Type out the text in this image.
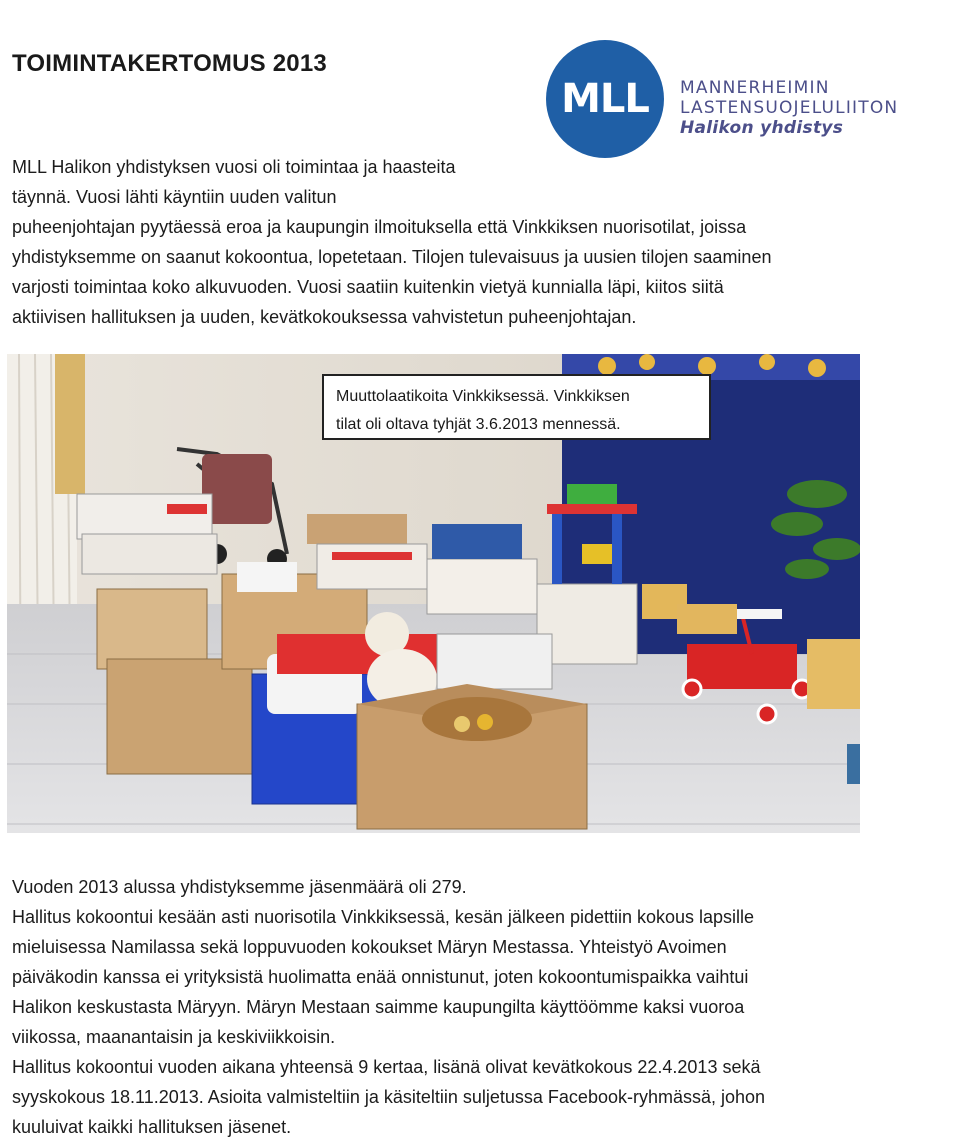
TOIMINTAKERTOMUS 2013
MLL MANNERHEIMIN
LASTENSUOJELULIITON
Halikon yhdistys
MLL Halikon yhdistyksen vuosi oli toimintaa ja haasteita
täynnä. Vuosi lähti käyntiin uuden valitun
puheenjohtajan pyytäessä eroa ja kaupungin ilmoituksella että Vinkkiksen nuorisotilat, joissa
yhdistyksemme on saanut kokoontua, lopetetaan. Tilojen tulevaisuus ja uusien tilojen saaminen
varjosti toimintaa koko alkuvuoden. Vuosi saatiin kuitenkin vietyä kunnialla läpi, kiitos siitä
aktiivisen hallituksen ja uuden, kevätkokouksessa vahvistetun puheenjohtajan.
Muuttolaatikoita Vinkkiksessä. Vinkkiksen
tilat oli oltava tyhjät 3.6.2013 mennessä.
Vuoden 2013 alussa yhdistyksemme jäsenmäärä oli 279.
Hallitus kokoontui kesään asti nuorisotila Vinkkiksessä, kesän jälkeen pidettiin kokous lapsille
mieluisessa Namilassa sekä loppuvuoden kokoukset Märyn Mestassa. Yhteistyö Avoimen
päiväkodin kanssa ei yrityksistä huolimatta enää onnistunut, joten kokoontumispaikka vaihtui
Halikon keskustasta Märyyn. Märyn Mestaan saimme kaupungilta käyttöömme kaksi vuoroa
viikossa, maanantaisin ja keskiviikkoisin.
Hallitus kokoontui vuoden aikana yhteensä 9 kertaa, lisänä olivat kevätkokous 22.4.2013 sekä
syyskokous 18.11.2013. Asioita valmisteltiin ja käsiteltiin suljetussa Facebook-ryhmässä, johon
kuuluivat kaikki hallituksen jäsenet.
